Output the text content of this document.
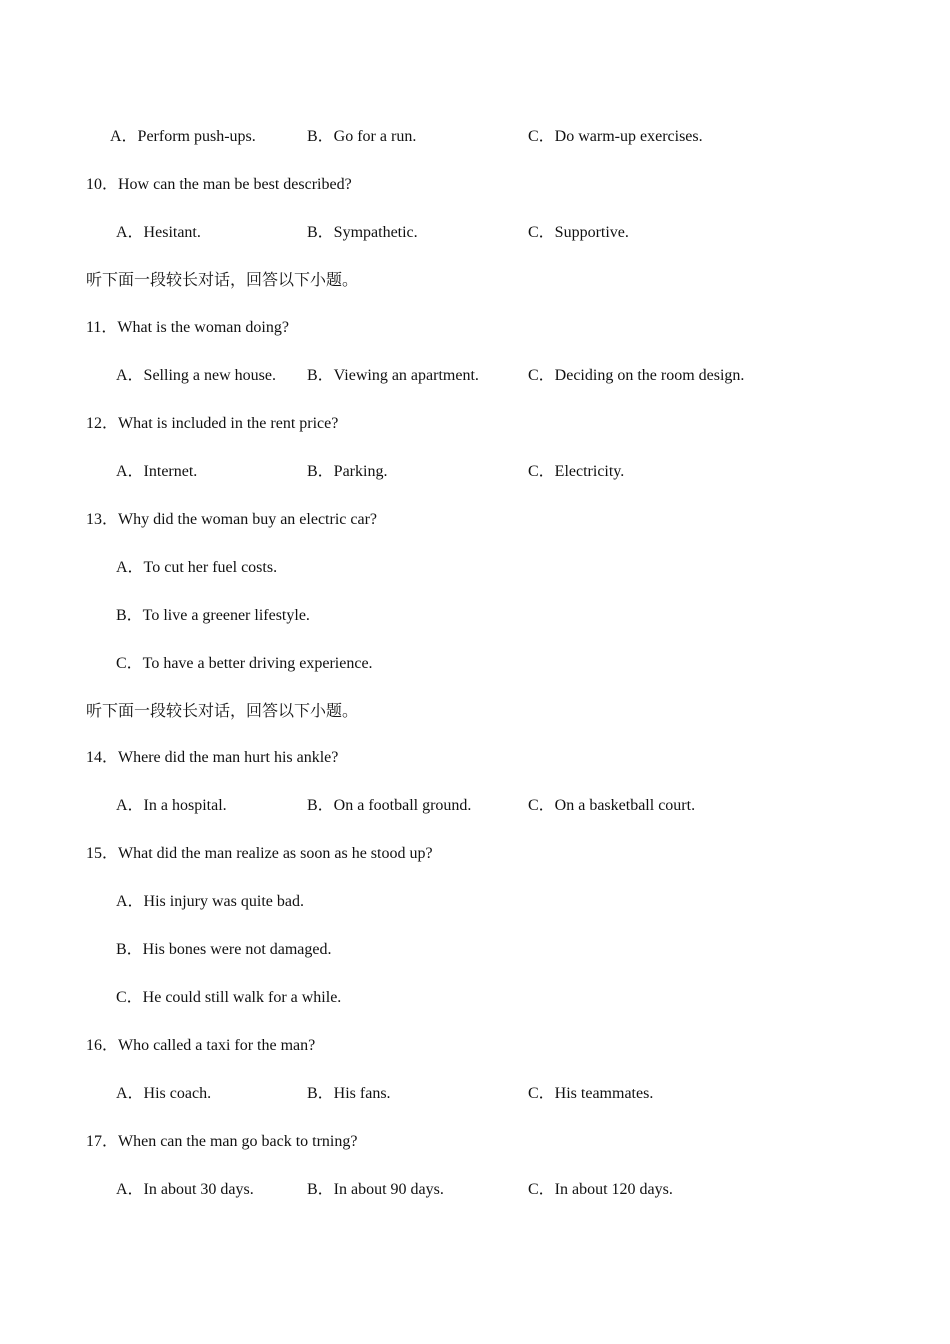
A．Perform push-ups.	B．Go for a run.	C．Do warm-up exercises.
10．How can the man be best described?
A．Hesitant.	B．Sympathetic.	C．Supportive.
听下面一段较长对话，回答以下小题。
11．What is the woman doing?
A．Selling a new house. B．Viewing an apartment.	C．Deciding on the room design.
12．What is included in the rent price?
A．Internet.	B．Parking.	C．Electricity.
13．Why did the woman buy an electric car?
A．To cut her fuel costs.
B．To live a greener lifestyle.
C．To have a better driving experience.
听下面一段较长对话，回答以下小题。
14．Where did the man hurt his ankle?
A．In a hospital.	B．On a football ground.	C．On a basketball court.
15．What did the man realize as soon as he stood up?
A．His injury was quite bad.
B．His bones were not damaged.
C．He could still walk for a while.
16．Who called a taxi for the man?
A．His coach.	B．His fans.	C．His teammates.
17．When can the man go back to trning?
A．In about 30 days.	B．In about 90 days.	C．In about 120 days.
